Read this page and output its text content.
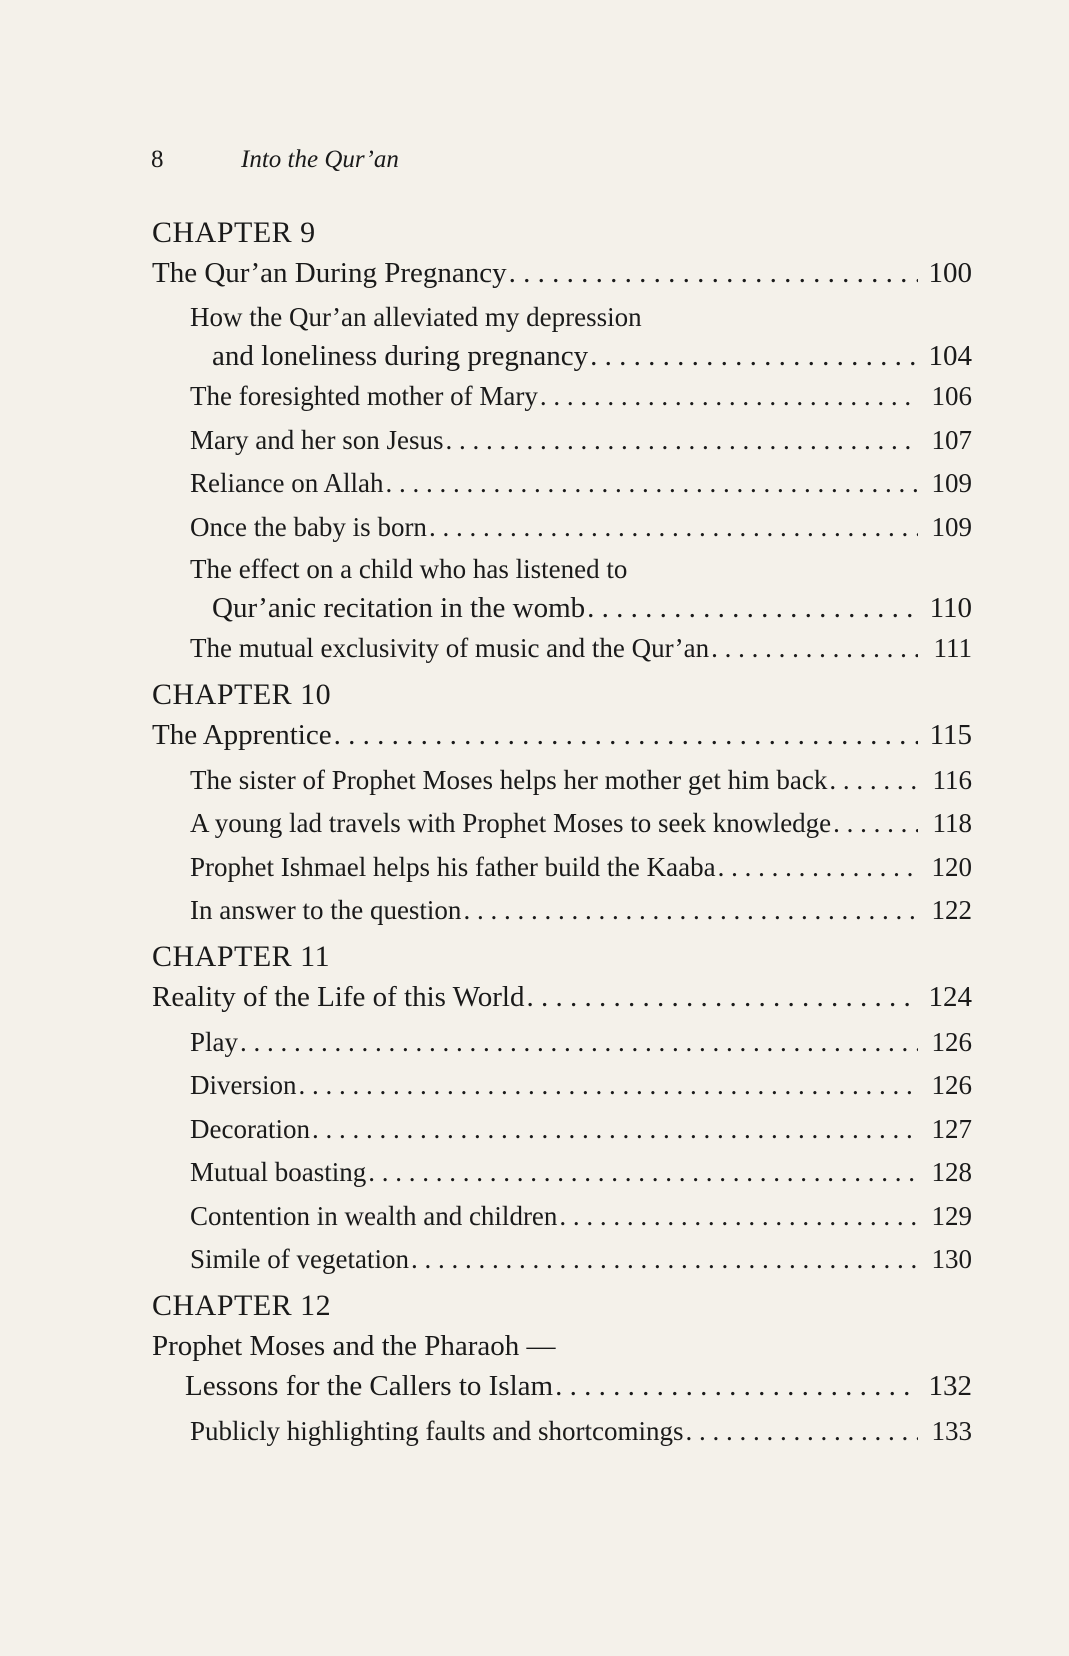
8	Into the Qur’an
CHAPTER 9
The Qur’an During Pregnancy . . .	100
How the Qur’an alleviated my depression
and loneliness during pregnancy . . .	104
The foresighted mother of Mary . . .	106
Mary and her son Jesus . . .	107
Reliance on Allah . . .	109
Once the baby is born . . .	109
The effect on a child who has listened to
Qur’anic recitation in the womb . . .	110
The mutual exclusivity of music and the Qur’an . . .	111
CHAPTER 10
The Apprentice . . .	115
The sister of Prophet Moses helps her mother get him back . . .	116
A young lad travels with Prophet Moses to seek knowledge . . .	118
Prophet Ishmael helps his father build the Kaaba . . .	120
In answer to the question . . .	122
CHAPTER 11
Reality of the Life of this World . . .	124
Play . . .	126
Diversion . . .	126
Decoration . . .	127
Mutual boasting . . .	128
Contention in wealth and children . . .	129
Simile of vegetation . . .	130
CHAPTER 12
Prophet Moses and the Pharaoh —
Lessons for the Callers to Islam . . .	132
Publicly highlighting faults and shortcomings . . .	133
